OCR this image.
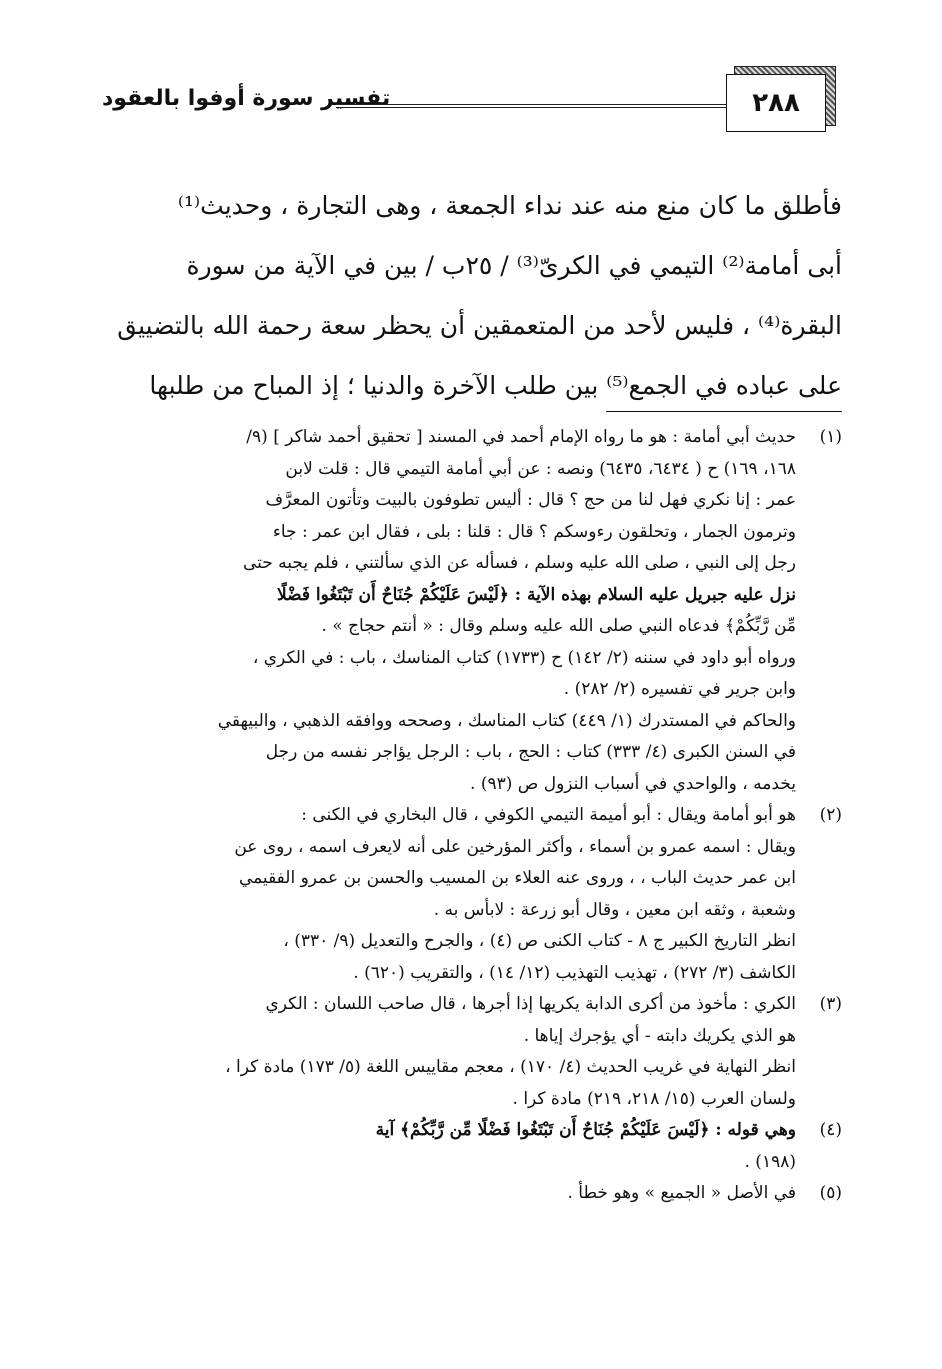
تفسير سورة أوفوا بالعقود	٢٨٨

فأطلق ما كان منع منه عند نداء الجمعة ، وهى التجارة ، وحديث⁽¹⁾

أبى أمامة⁽²⁾ التيمي في الكرىّ⁽³⁾ / ٢٥ب / بين في الآية من سورة

البقرة⁽⁴⁾ ، فليس لأحد من المتعمقين أن يحظر سعة رحمة الله بالتضييق

على عباده في الجمع⁽⁵⁾ بين طلب الآخرة والدنيا ؛ إذ المباح من طلبها

(١)
حديث أبي أمامة : هو ما رواه الإمام أحمد في المسند [ تحقيق أحمد شاكر ] (٩/
١٦٨، ١٦٩) ح ( ٦٤٣٤، ٦٤٣٥) ونصه : عن أبي أمامة التيمي قال : قلت لابن
عمر : إنا نكري فهل لنا من حج ؟ قال : أليس تطوفون بالبيت وتأتون المعرَّف
وترمون الجمار ، وتحلقون رءوسكم ؟ قال : قلنا : بلى ، فقال ابن عمر : جاء
رجل إلى النبي ، صلى الله عليه وسلم ، فسأله عن الذي سألتني ، فلم يجبه حتى
نزل عليه جبريل عليه السلام بهذه الآية : ﴿لَيْسَ عَلَيْكُمْ جُنَاحٌ أَن تَبْتَغُوا فَضْلًا
مِّن رَّبِّكُمْ﴾ فدعاه النبي صلى الله عليه وسلم وقال : « أنتم حجاج » .
ورواه أبو داود في سننه (٢/ ١٤٢) ح (١٧٣٣) كتاب المناسك ، باب : في الكري ،
وابن جرير في تفسيره (٢/ ٢٨٢) .
والحاكم في المستدرك (١/ ٤٤٩) كتاب المناسك ، وصححه ووافقه الذهبي ، والبيهقي
في السنن الكبرى (٤/ ٣٣٣) كتاب : الحج ، باب : الرجل يؤاجر نفسه من رجل
يخدمه ، والواحدي في أسباب النزول ص (٩٣) .
(٢)
هو أبو أمامة ويقال : أبو أميمة التيمي الكوفي ، قال البخاري في الكنى :
ويقال : اسمه عمرو بن أسماء ، وأكثر المؤرخين على أنه لايعرف اسمه ، روى عن
ابن عمر حديث الباب ، ، وروى عنه العلاء بن المسيب والحسن بن عمرو الفقيمي
وشعبة ، وثقه ابن معين ، وقال أبو زرعة : لابأس به .
انظر التاريخ الكبير ج ٨ - كتاب الكنى ص (٤) ، والجرح والتعديل (٩/ ٣٣٠) ،
الكاشف (٣/ ٢٧٢) ، تهذيب التهذيب (١٢/ ١٤) ، والتقريب (٦٢٠) .
(٣)
الكري : مأخوذ من أكرى الدابة يكريها إذا أجرها ، قال صاحب اللسان : الكري
هو الذي يكريك دابته - أي يؤجرك إياها .
انظر النهاية في غريب الحديث (٤/ ١٧٠) ، معجم مقاييس اللغة (٥/ ١٧٣) مادة كرا ،
ولسان العرب (١٥/ ٢١٨، ٢١٩) مادة كرا .
(٤)
وهي قوله : ﴿لَيْسَ عَلَيْكُمْ جُنَاحٌ أَن تَبْتَغُوا فَضْلًا مِّن رَّبِّكُمْ﴾ آية
(١٩٨) .
(٥)
في الأصل « الجميع » وهو خطأ .
